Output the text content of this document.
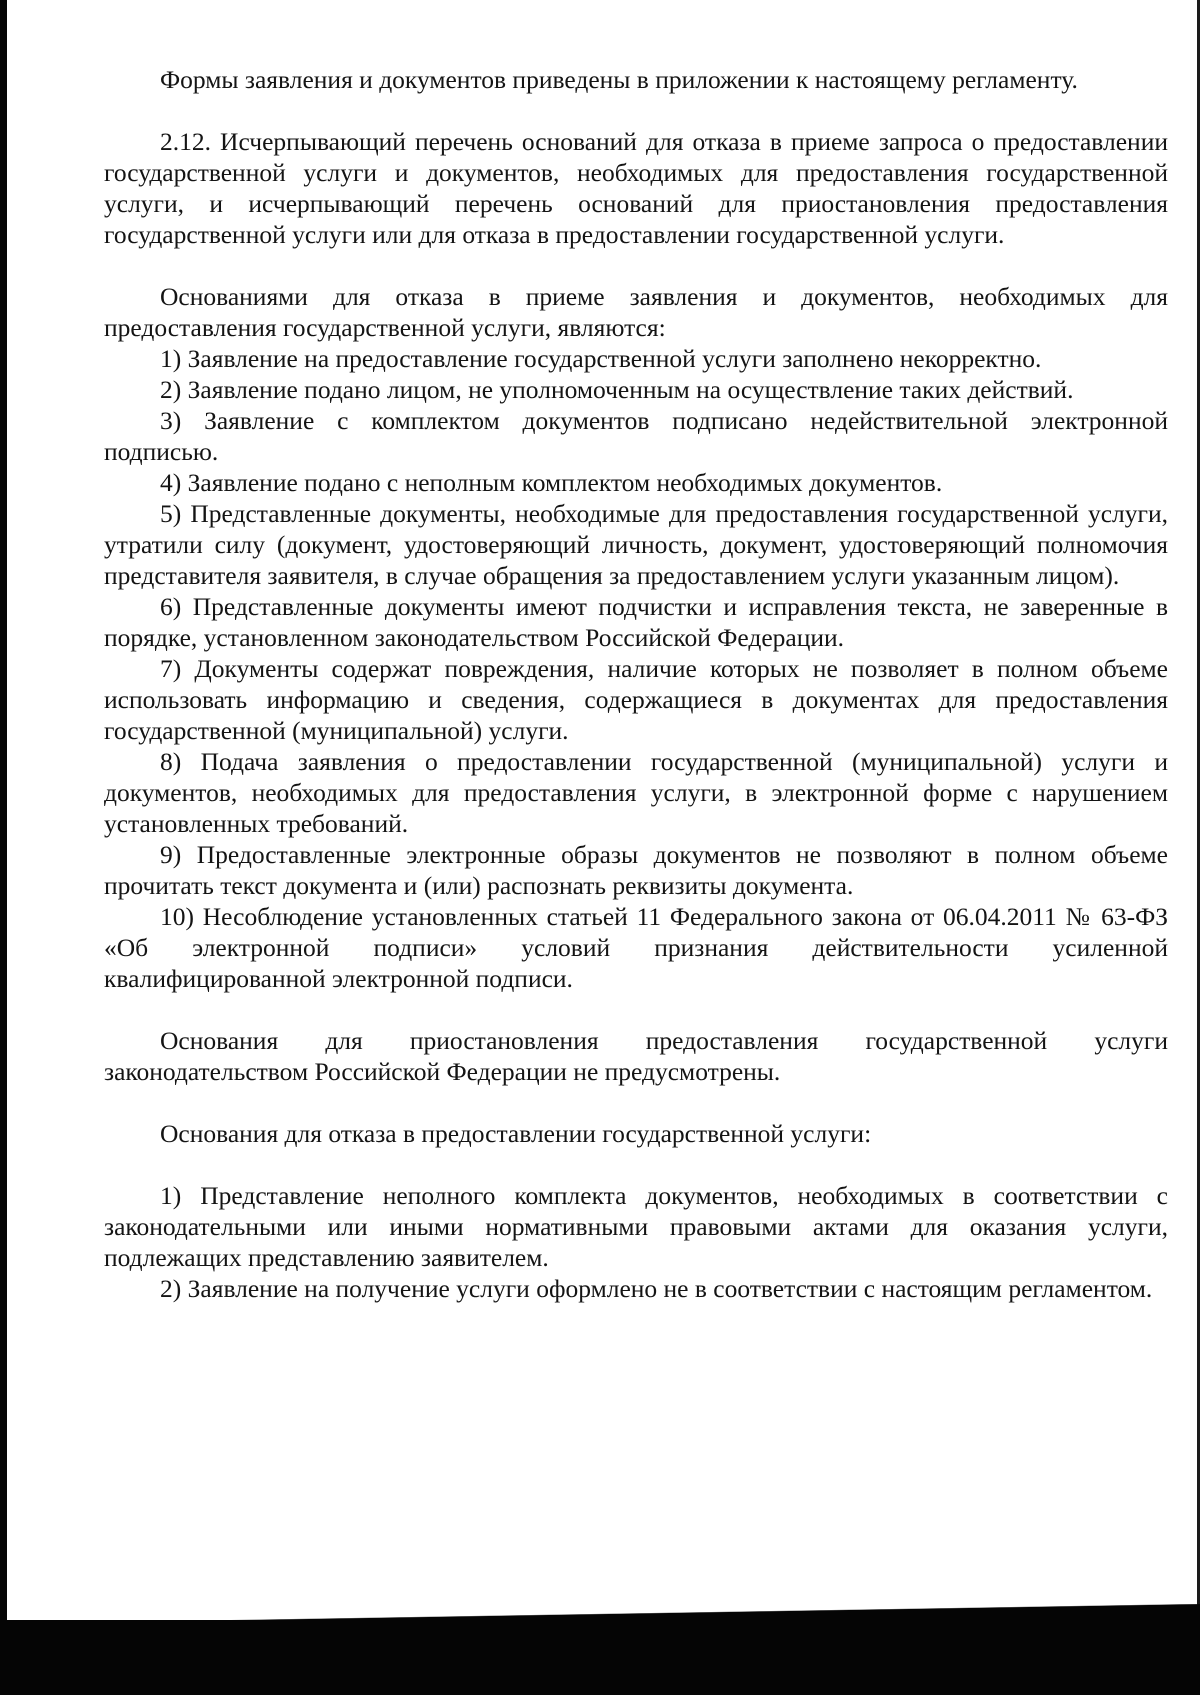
Формы заявления и документов приведены в приложении к настоящему регламенту.

2.12. Исчерпывающий перечень оснований для отказа в приеме запроса о предоставлении государственной услуги и документов, необходимых для предоставления государственной услуги, и исчерпывающий перечень оснований для приостановления предоставления государственной услуги или для отказа в предоставлении государственной услуги.

Основаниями для отказа в приеме заявления и документов, необходимых для предоставления государственной услуги, являются:

1) Заявление на предоставление государственной услуги заполнено некорректно.

2) Заявление подано лицом, не уполномоченным на осуществление таких действий.

3) Заявление с комплектом документов подписано недействительной электронной подписью.

4) Заявление подано с неполным комплектом необходимых документов.

5) Представленные документы, необходимые для предоставления государственной услуги, утратили силу (документ, удостоверяющий личность, документ, удостоверяющий полномочия представителя заявителя, в случае обращения за предоставлением услуги указанным лицом).

6) Представленные документы имеют подчистки и исправления текста, не заверенные в порядке, установленном законодательством Российской Федерации.

7) Документы содержат повреждения, наличие которых не позволяет в полном объеме использовать информацию и сведения, содержащиеся в документах для предоставления государственной (муниципальной) услуги.

8) Подача заявления о предоставлении государственной (муниципальной) услуги и документов, необходимых для предоставления услуги, в электронной форме с нарушением установленных требований.

9) Предоставленные электронные образы документов не позволяют в полном объеме прочитать текст документа и (или) распознать реквизиты документа.

10) Несоблюдение установленных статьей 11 Федерального закона от 06.04.2011 № 63-ФЗ «Об электронной подписи» условий признания действительности усиленной квалифицированной электронной подписи.

Основания для приостановления предоставления государственной услуги законодательством Российской Федерации не предусмотрены.

Основания для отказа в предоставлении государственной услуги:

1) Представление неполного комплекта документов, необходимых в соответствии с законодательными или иными нормативными правовыми актами для оказания услуги, подлежащих представлению заявителем.

2) Заявление на получение услуги оформлено не в соответствии с настоящим регламентом.
